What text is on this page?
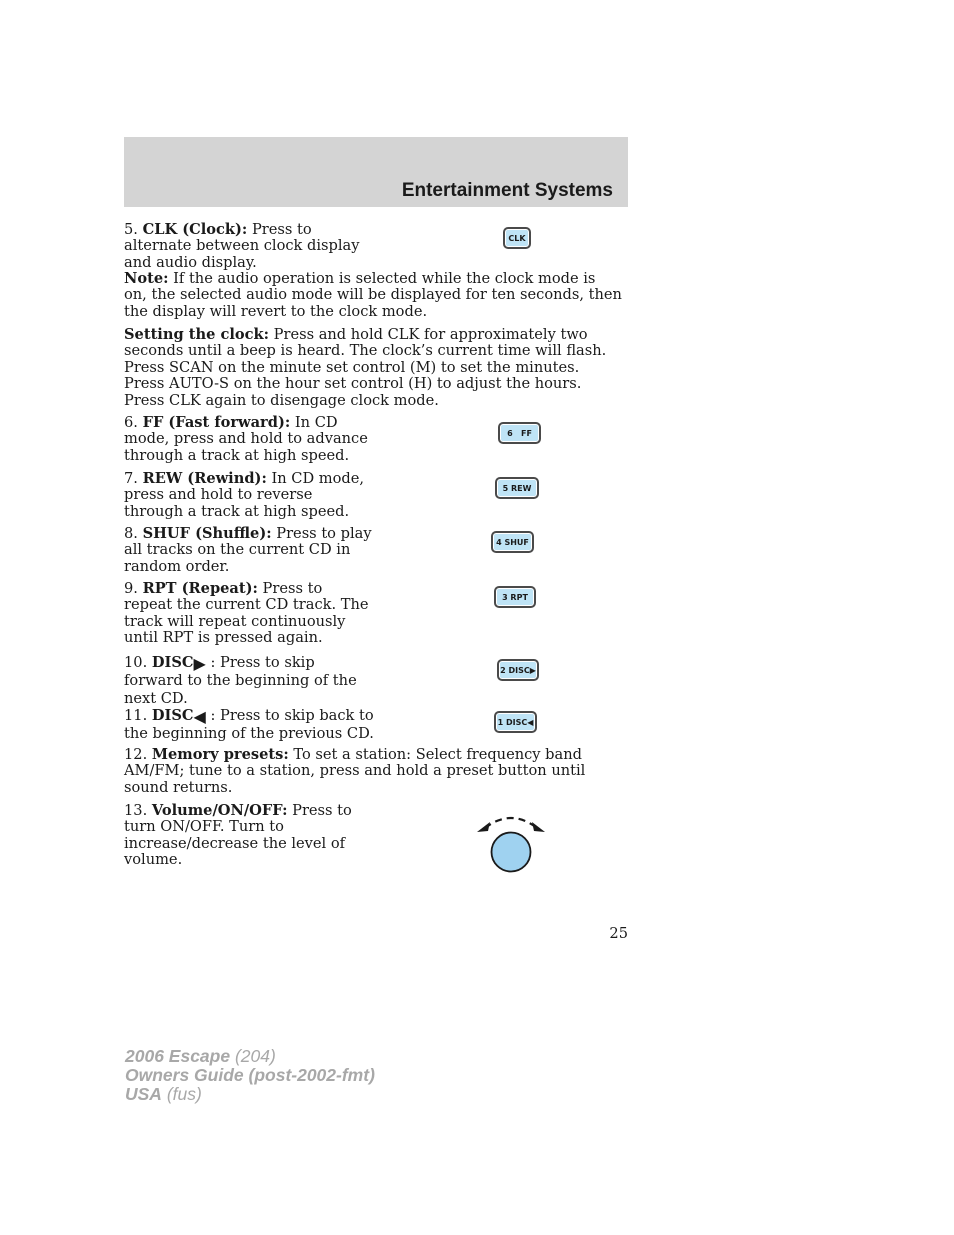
Entertainment Systems

5. CLK (Clock): Press to alternate between clock display and audio display.

CLK

Note: If the audio operation is selected while the clock mode is on, the selected audio mode will be displayed for ten seconds, then the display will revert to the clock mode.

Setting the clock: Press and hold CLK for approximately two seconds until a beep is heard. The clock’s current time will flash. Press SCAN on the minute set control (M) to set the minutes. Press AUTO-S on the hour set control (H) to adjust the hours. Press CLK again to disengage clock mode.

6. FF (Fast forward): In CD mode, press and hold to advance through a track at high speed.

6   FF

7. REW (Rewind): In CD mode, press and hold to reverse through a track at high speed.

5 REW

8. SHUF (Shuffle): Press to play all tracks on the current CD in random order.

4 SHUF

9. RPT (Repeat): Press to repeat the current CD track. The track will repeat continuously until RPT is pressed again.

3 RPT

10. DISC▶ : Press to skip forward to the beginning of the next CD.

2 DISC ▶

11. DISC◀ : Press to skip back to the beginning of the previous CD.

1 DISC ◀

12. Memory presets: To set a station: Select frequency band AM/FM; tune to a station, press and hold a preset button until sound returns.

13. Volume/ON/OFF: Press to turn ON/OFF. Turn to increase/decrease the level of volume.

25
2006 Escape (204)
Owners Guide (post-2002-fmt)
USA (fus)
